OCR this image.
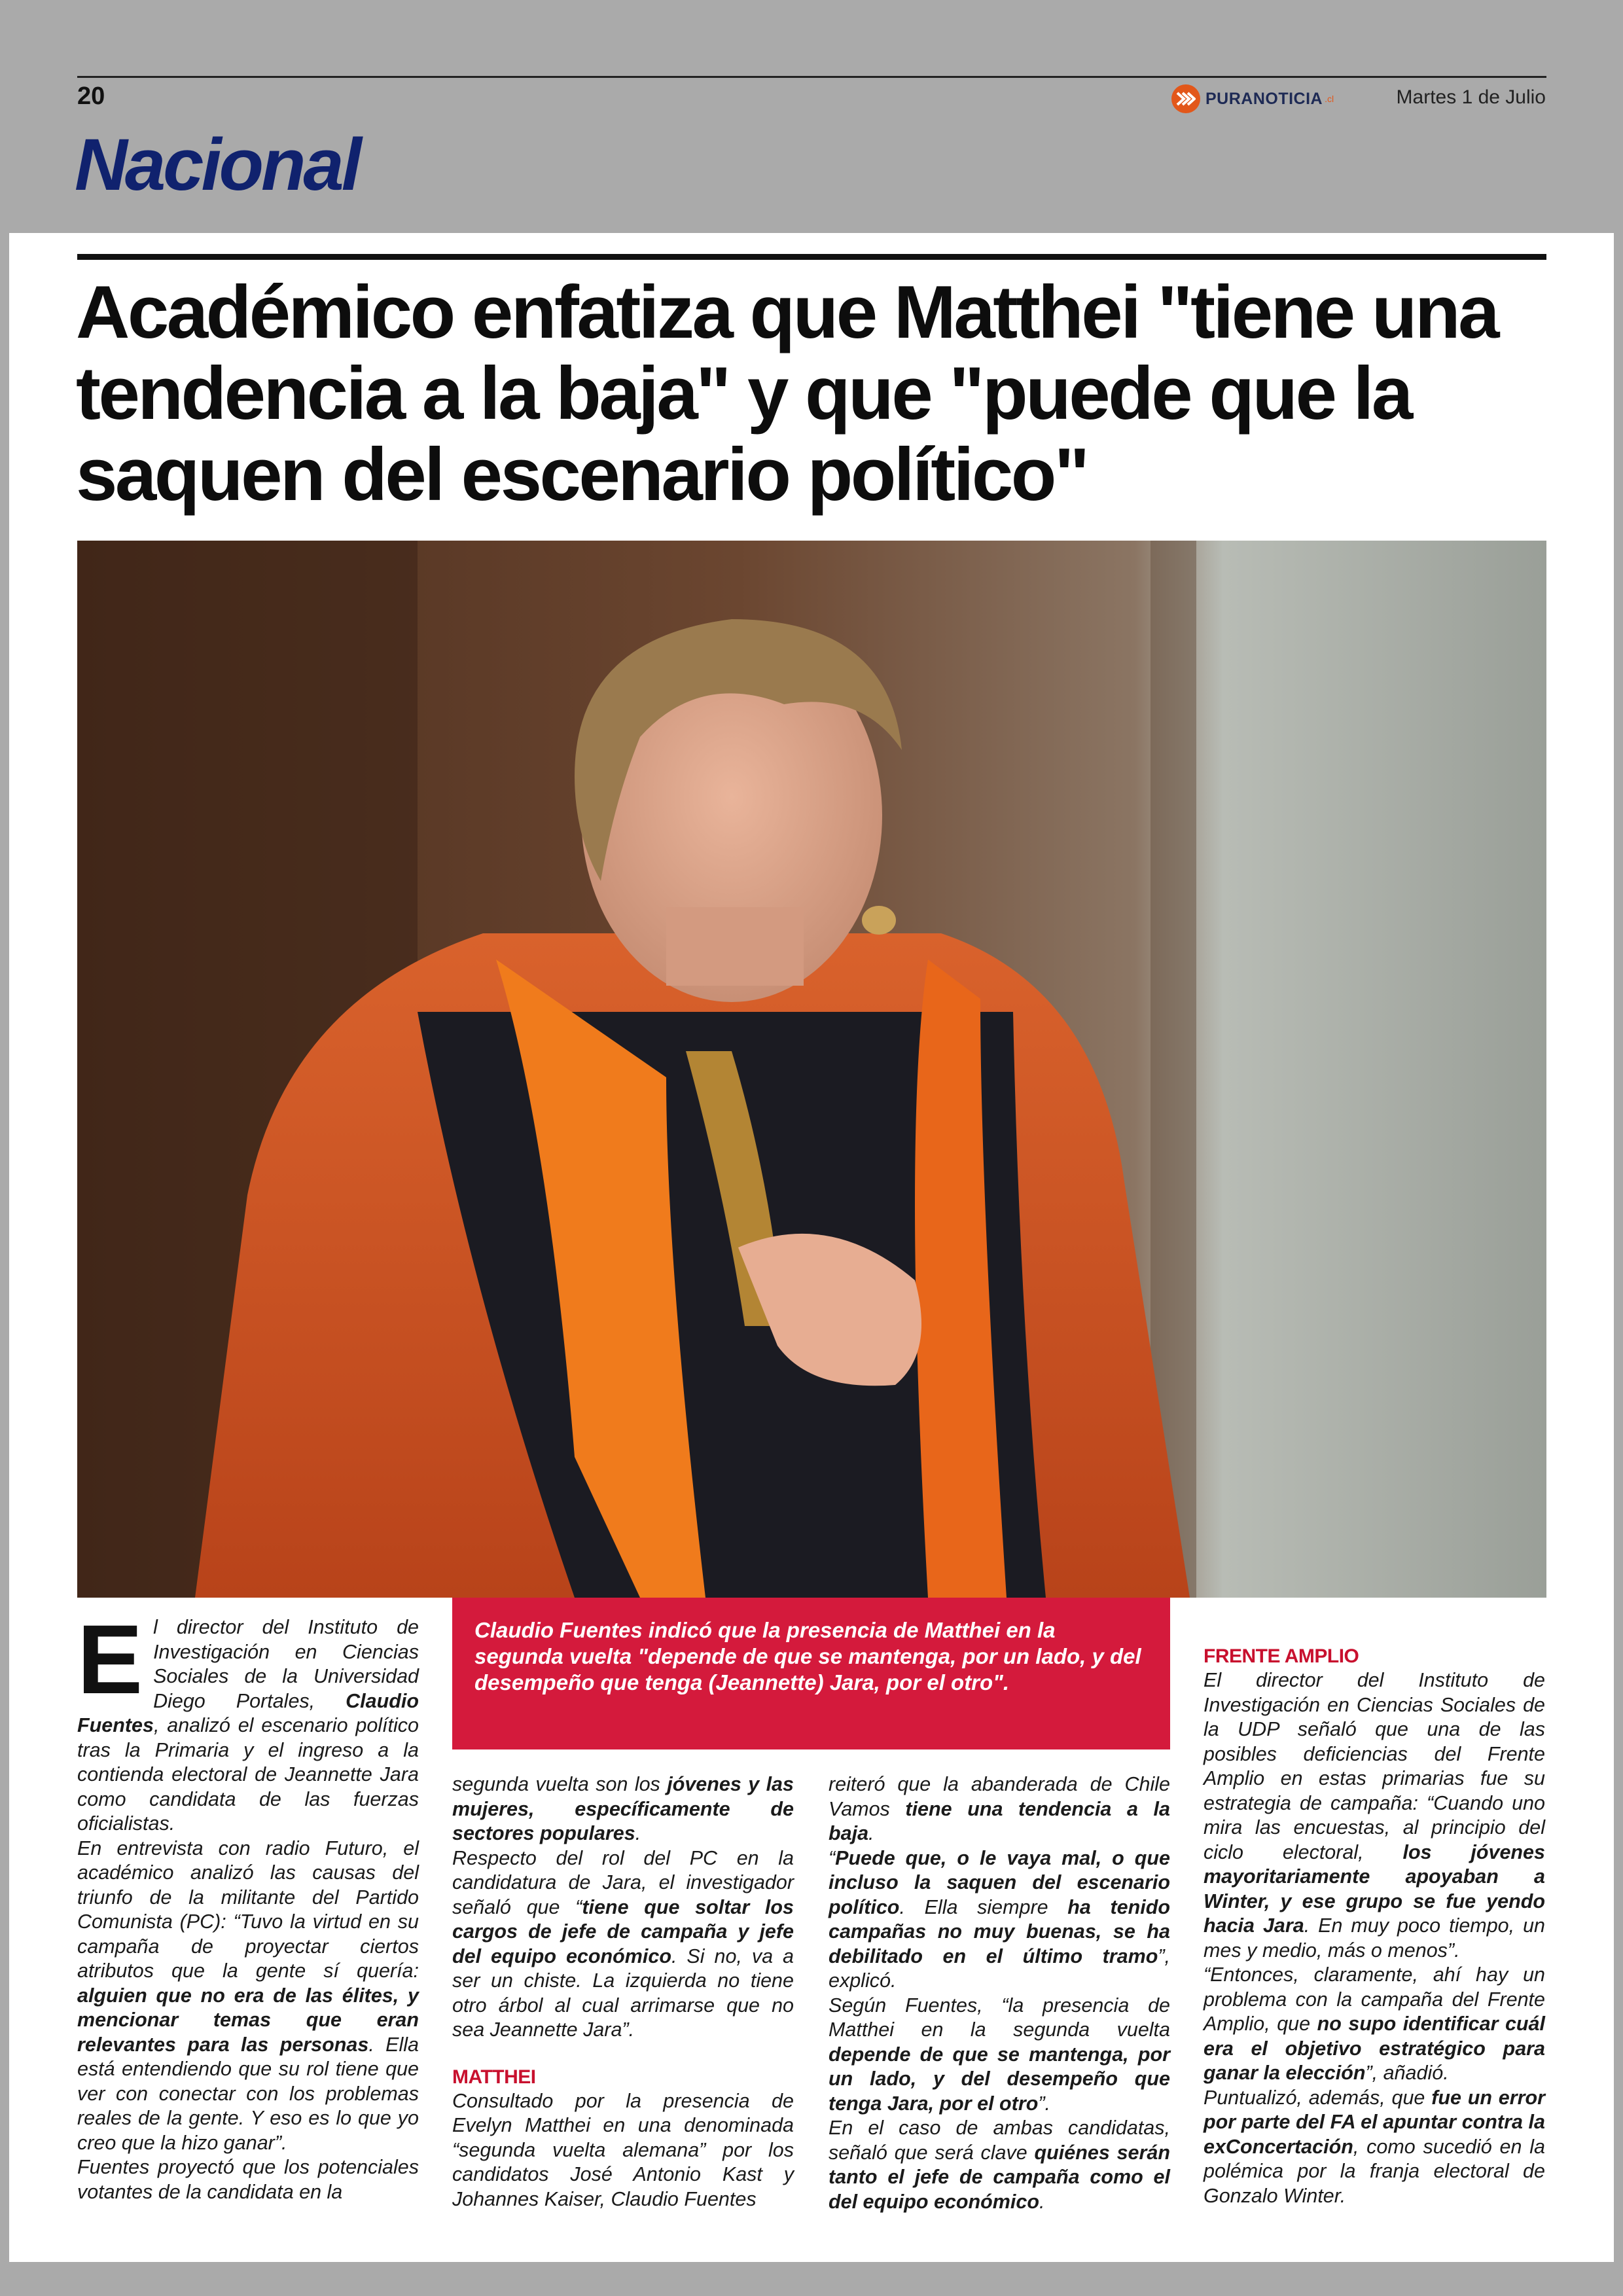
20	PURANOTICIA .cl	Martes 1 de Julio
Nacional
Académico enfatiza que Matthei "tiene una tendencia a la baja" y que "puede que la saquen del escenario político"

El director del Instituto de Investigación en Ciencias Sociales de la Universidad Diego Portales, Claudio Fuentes, analizó el escenario político tras la Primaria y el ingreso a la contienda electoral de Jeannette Jara como candidata de las fuerzas oficialistas.

En entrevista con radio Futuro, el académico analizó las causas del triunfo de la militante del Partido Comunista (PC): “Tuvo la virtud en su campaña de proyectar ciertos atributos que la gente sí quería: alguien que no era de las élites, y mencionar temas que eran relevantes para las personas. Ella está entendiendo que su rol tiene que ver con conectar con los problemas reales de la gente. Y eso es lo que yo creo que la hizo ganar”.

Fuentes proyectó que los potenciales votantes de la candidata en la

Claudio Fuentes indicó que la presencia de Matthei en la segunda vuelta "depende de que se mantenga, por un lado, y del desempeño que tenga (Jeannette) Jara, por el otro".

segunda vuelta son los jóvenes y las mujeres, específicamente de sectores populares.

Respecto del rol del PC en la candidatura de Jara, el investigador señaló que “tiene que soltar los cargos de jefe de campaña y jefe del equipo económico. Si no, va a ser un chiste. La izquierda no tiene otro árbol al cual arrimarse que no sea Jeannette Jara”.

MATTHEI

Consultado por la presencia de Evelyn Matthei en una denominada “segunda vuelta alemana” por los candidatos José Antonio Kast y Johannes Kaiser, Claudio Fuentes

reiteró que la abanderada de Chile Vamos tiene una tendencia a la baja.

“Puede que, o le vaya mal, o que incluso la saquen del escenario político. Ella siempre ha tenido campañas no muy buenas, se ha debilitado en el último tramo”, explicó.

Según Fuentes, “la presencia de Matthei en la segunda vuelta depende de que se mantenga, por un lado, y del desempeño que tenga Jara, por el otro”.

En el caso de ambas candidatas, señaló que será clave quiénes serán tanto el jefe de campaña como el del equipo económico.

FRENTE AMPLIO

El director del Instituto de Investigación en Ciencias Sociales de la UDP señaló que una de las posibles deficiencias del Frente Amplio en estas primarias fue su estrategia de campaña: “Cuando uno mira las encuestas, al principio del ciclo electoral, los jóvenes mayoritariamente apoyaban a Winter, y ese grupo se fue yendo hacia Jara. En muy poco tiempo, un mes y medio, más o menos”.

“Entonces, claramente, ahí hay un problema con la campaña del Frente Amplio, que no supo identificar cuál era el objetivo estratégico para ganar la elección”, añadió.

Puntualizó, además, que fue un error por parte del FA el apuntar contra la exConcertación, como sucedió en la polémica por la franja electoral de Gonzalo Winter.
